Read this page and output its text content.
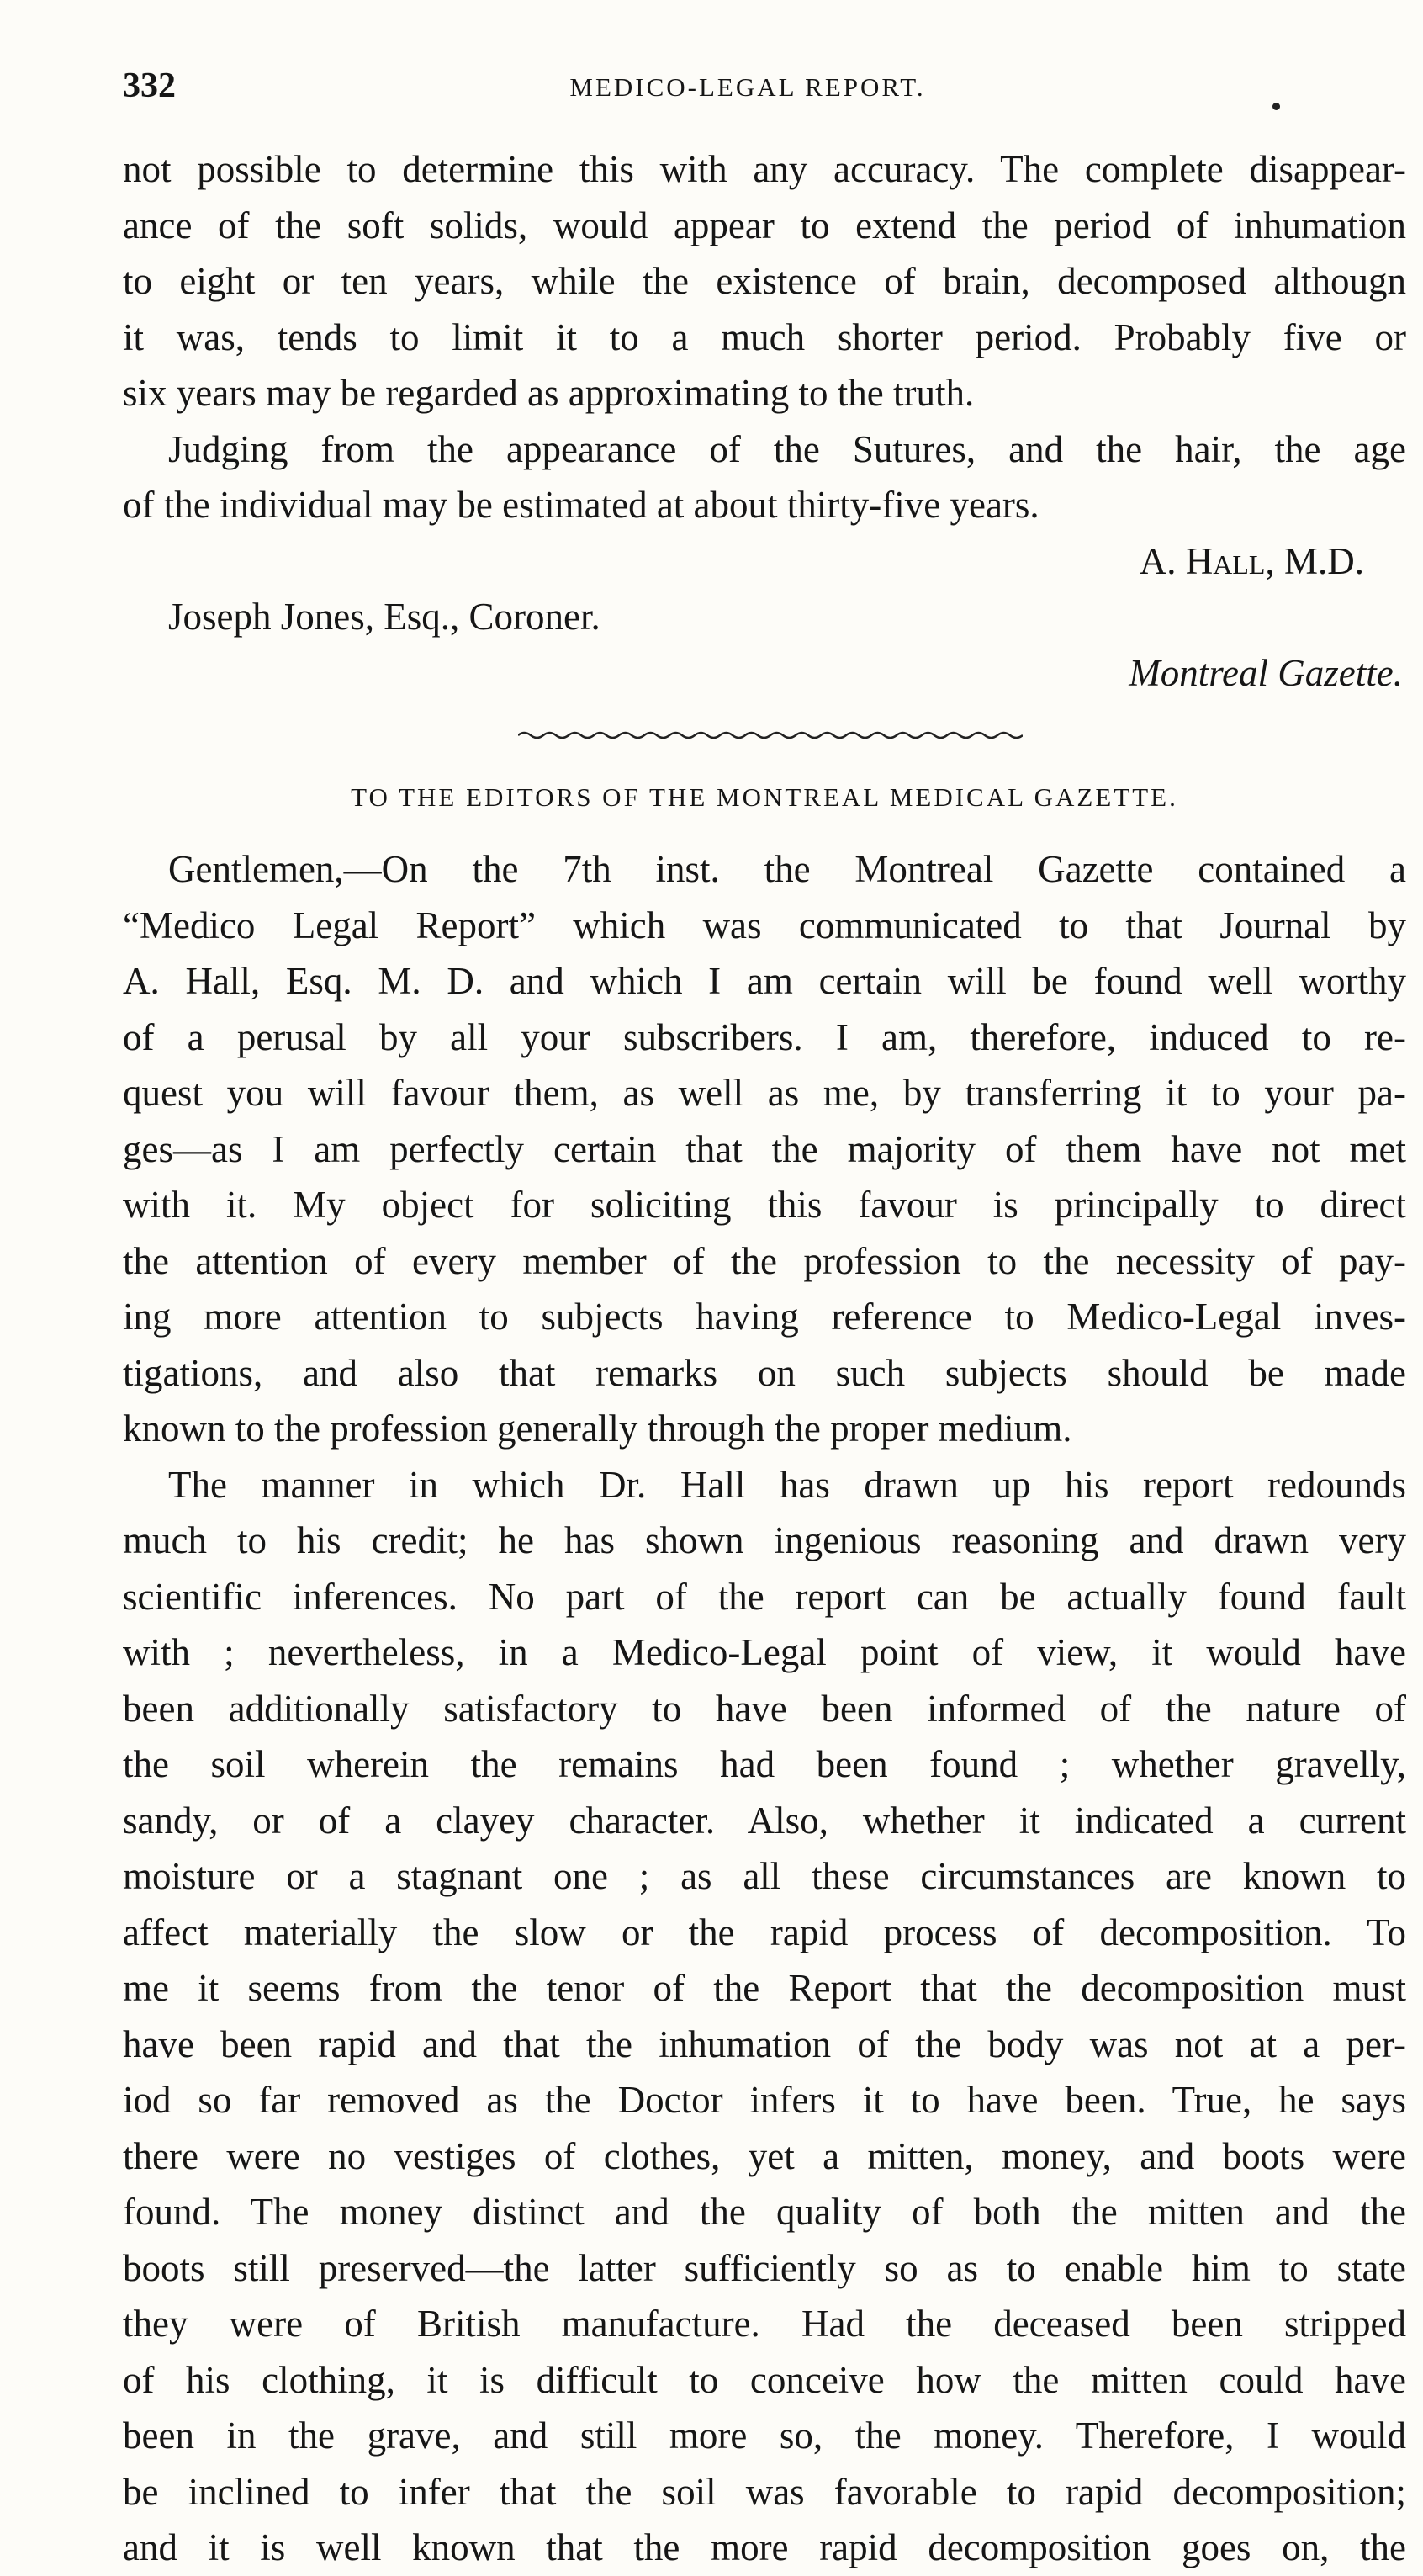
332	MEDICO-LEGAL REPORT.
not possible to determine this with any accuracy. The complete disappear-
ance of the soft solids, would appear to extend the period of inhumation
to eight or ten years, while the existence of brain, decomposed althougn
it was, tends to limit it to a much shorter period. Probably five or
six years may be regarded as approximating to the truth.
Judging from the appearance of the Sutures, and the hair, the age
of the individual may be estimated at about thirty-five years.
A. Hall, M.D.
Joseph Jones, Esq., Coroner.
Montreal Gazette.
TO THE EDITORS OF THE MONTREAL MEDICAL GAZETTE.
Gentlemen,—On the 7th inst. the Montreal Gazette contained a
“Medico Legal Report” which was communicated to that Journal by
A. Hall, Esq. M. D. and which I am certain will be found well worthy
of a perusal by all your subscribers. I am, therefore, induced to re-
quest you will favour them, as well as me, by transferring it to your pa-
ges—as I am perfectly certain that the majority of them have not met
with it. My object for soliciting this favour is principally to direct
the attention of every member of the profession to the necessity of pay-
ing more attention to subjects having reference to Medico-Legal inves-
tigations, and also that remarks on such subjects should be made
known to the profession generally through the proper medium.
The manner in which Dr. Hall has drawn up his report redounds
much to his credit; he has shown ingenious reasoning and drawn very
scientific inferences. No part of the report can be actually found fault
with ; nevertheless, in a Medico-Legal point of view, it would have
been additionally satisfactory to have been informed of the nature of
the soil wherein the remains had been found ; whether gravelly,
sandy, or of a clayey character. Also, whether it indicated a current
moisture or a stagnant one ; as all these circumstances are known to
affect materially the slow or the rapid process of decomposition. To
me it seems from the tenor of the Report that the decomposition must
have been rapid and that the inhumation of the body was not at a per-
iod so far removed as the Doctor infers it to have been. True, he says
there were no vestiges of clothes, yet a mitten, money, and boots were
found. The money distinct and the quality of both the mitten and the
boots still preserved—the latter sufficiently so as to enable him to state
they were of British manufacture. Had the deceased been stripped
of his clothing, it is difficult to conceive how the mitten could have
been in the grave, and still more so, the money. Therefore, I would
be inclined to infer that the soil was favorable to rapid decomposition;
and it is well known that the more rapid decomposition goes on, the
